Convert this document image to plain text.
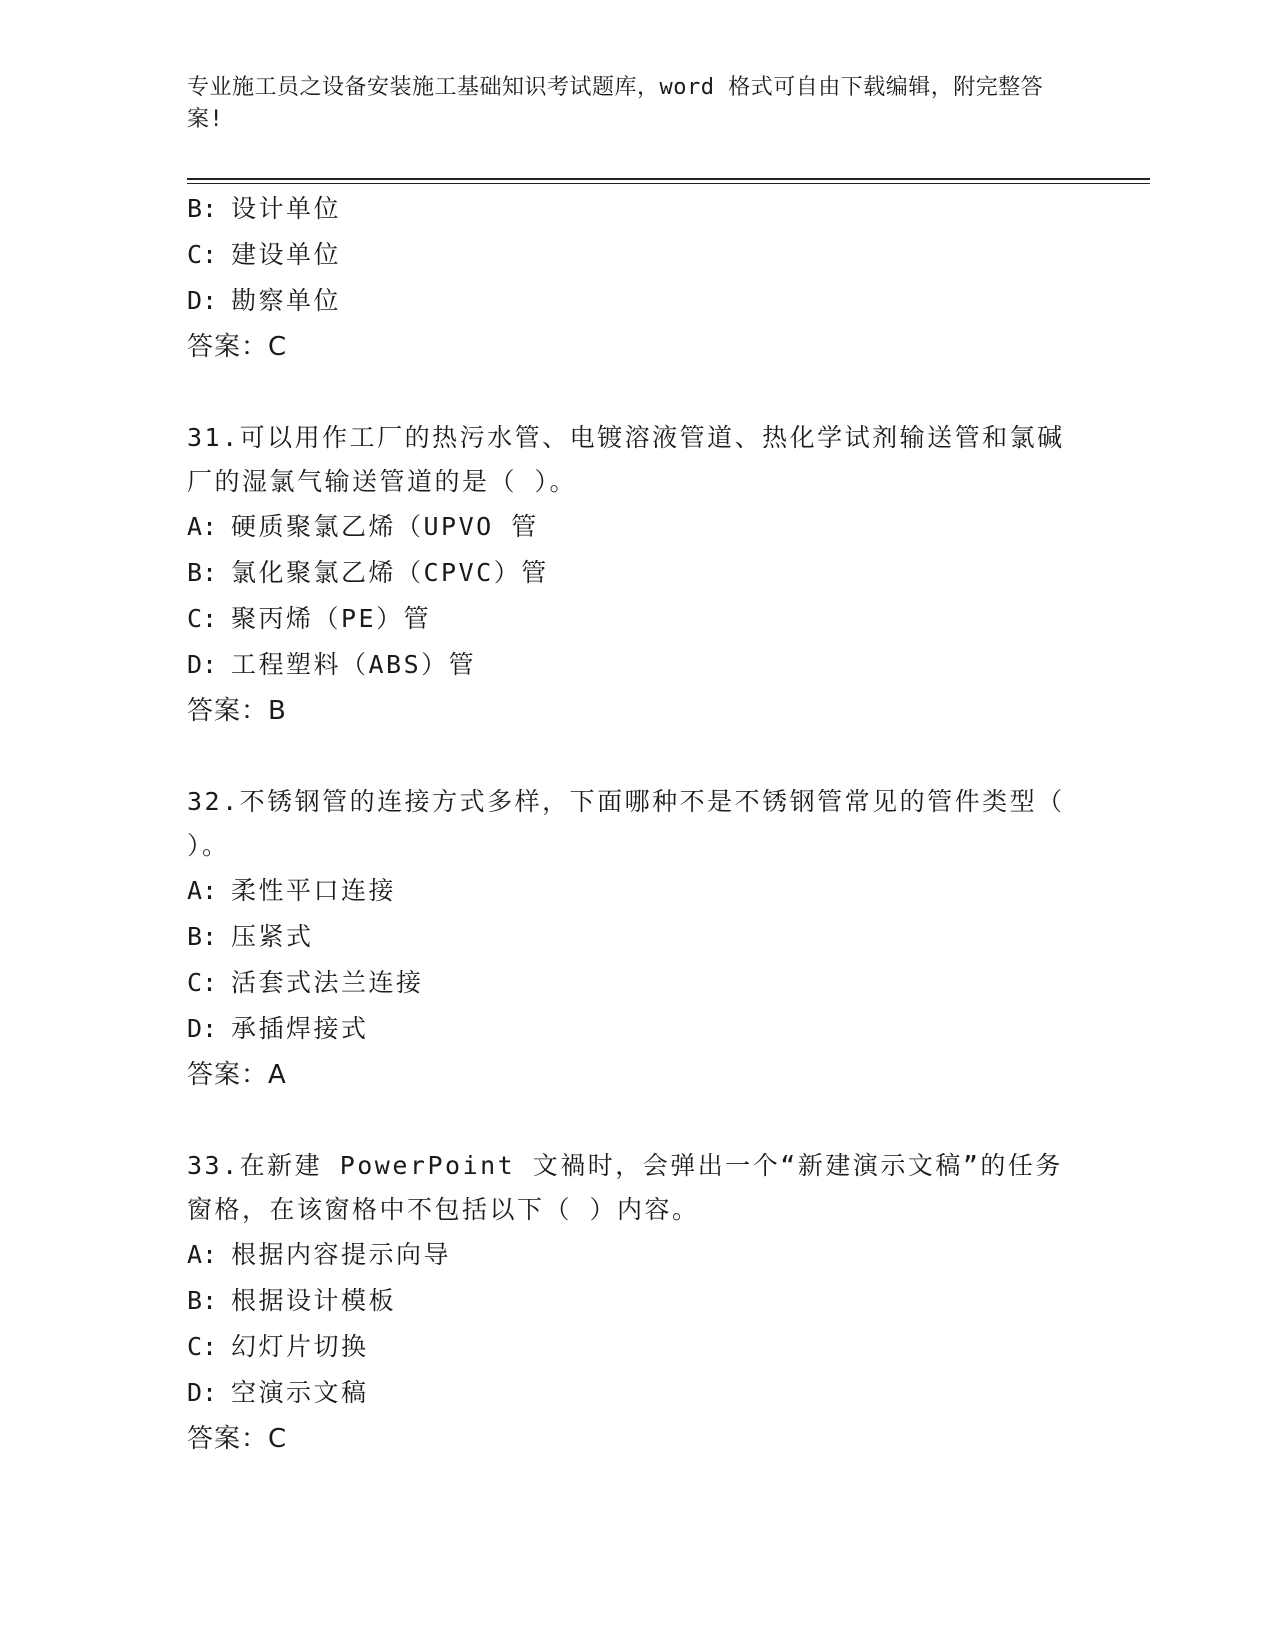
专业施工员之设备安装施工基础知识考试题库，word 格式可自由下载编辑，附完整答案!
B: 设计单位
C: 建设单位
D: 勘察单位
答案：C
31.可以用作工厂的热污水管、电镀溶液管道、热化学试剂输送管和氯碱厂的湿氯气输送管道的是（ ）。
A: 硬质聚氯乙烯（UPVO 管
B: 氯化聚氯乙烯（CPVC）管
C: 聚丙烯（PE）管
D: 工程塑料（ABS）管
答案：B
32.不锈钢管的连接方式多样，下面哪种不是不锈钢管常见的管件类型（ ）。
A: 柔性平口连接
B: 压紧式
C: 活套式法兰连接
D: 承插焊接式
答案：A
33.在新建 PowerPoint 文禍时，会弹出一个“新建演示文稿”的任务窗格，在该窗格中不包括以下（ ）内容。
A: 根据内容提示向导
B: 根据设计模板
C: 幻灯片切换
D: 空演示文稿
答案：C
